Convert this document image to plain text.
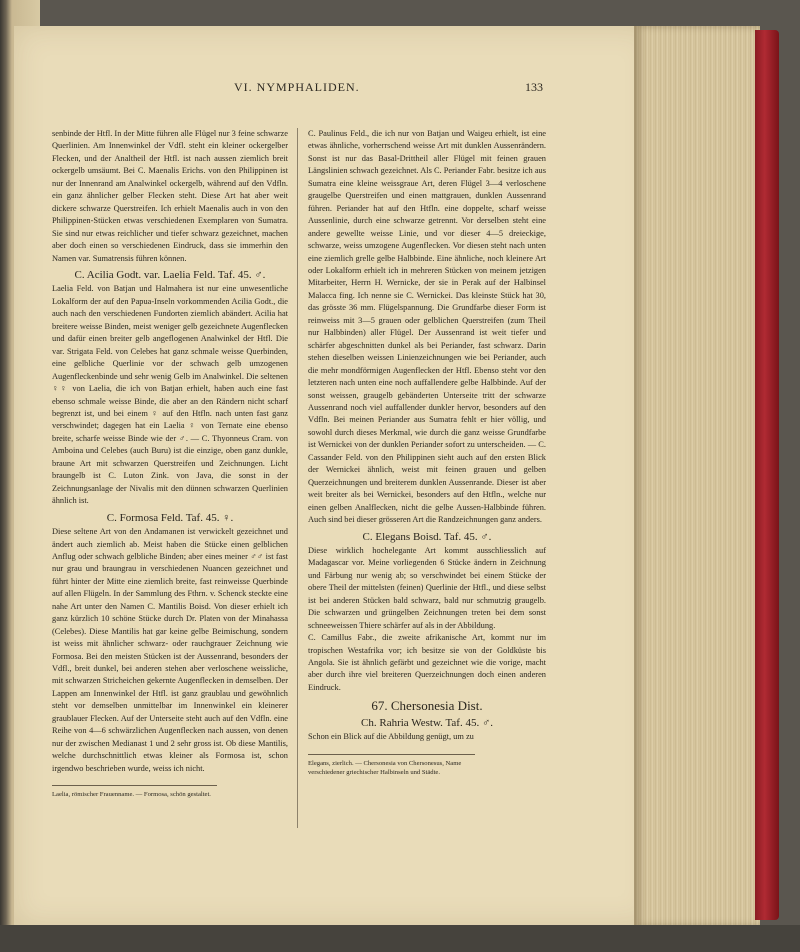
VI. NYMPHALIDEN.	133

senbinde der Htfl. In der Mitte führen alle Flügel nur 3 feine schwarze Querlinien. Am Innenwinkel der Vdfl. steht ein kleiner ockergelber Flecken, und der Analtheil der Htfl. ist nach aussen ziemlich breit ockergelb umsäumt. Bei C. Maenalis Erichs. von den Philippinen ist nur der Innenrand am Analwinkel ockergelb, während auf den Vdfln. ein ganz ähnlicher gelber Flecken steht. Diese Art hat aber weit dickere schwarze Querstreifen. Ich erhielt Maenalis auch in von den Philippinen-Stücken etwas verschiedenen Exemplaren von Sumatra. Sie sind nur etwas reichlicher und tiefer schwarz gezeichnet, machen aber doch einen so verschiedenen Eindruck, dass sie immerhin den Namen var. Sumatrensis führen können.

C. Acilia Godt. var. Laelia Feld. Taf. 45. ♂.

Laelia Feld. von Batjan und Halmahera ist nur eine unwesentliche Lokalform der auf den Papua-Inseln vorkommenden Acilia Godt., die auch nach den verschiedenen Fundorten ziemlich abändert. Acilia hat breitere weisse Binden, meist weniger gelb gezeichnete Augenflecken und dafür einen breiter gelb angeflogenen Analwinkel der Htfl. Die var. Strigata Feld. von Celebes hat ganz schmale weisse Querbinden, eine gelbliche Querlinie vor der schwach gelb umzogenen Augenfleckenbinde und sehr wenig Gelb im Analwinkel. Die seltenen ♀♀ von Laelia, die ich von Batjan erhielt, haben auch eine fast ebenso schmale weisse Binde, die aber an den Rändern nicht scharf begrenzt ist, und bei einem ♀ auf den Htfln. nach unten fast ganz verschwindet; dagegen hat ein Laelia ♀ von Ternate eine ebenso breite, scharfe weisse Binde wie der ♂. — C. Thyonneus Cram. von Amboina und Celebes (auch Buru) ist die einzige, oben ganz dunkle, braune Art mit schwarzen Querstreifen und Zeichnungen. Licht braungelb ist C. Luton Zink. von Java, die sonst in der Zeichnungsanlage der Nivalis mit den dünnen schwarzen Querlinien ähnlich ist.

C. Formosa Feld. Taf. 45. ♀.

Diese seltene Art von den Andamanen ist verwickelt gezeichnet und ändert auch ziemlich ab. Meist haben die Stücke einen gelblichen Anflug oder schwach gelbliche Binden; aber eines meiner ♂♂ ist fast nur grau und braungrau in verschiedenen Nuancen gezeichnet und führt hinter der Mitte eine ziemlich breite, fast reinweisse Querbinde auf allen Flügeln. In der Sammlung des Fthrn. v. Schenck steckte eine nahe Art unter den Namen C. Mantilis Boisd. Von dieser erhielt ich ganz kürzlich 10 schöne Stücke durch Dr. Platen von der Minahassa (Celebes). Diese Mantilis hat gar keine gelbe Beimischung, sondern ist weiss mit ähnlicher schwarz- oder rauchgrauer Zeichnung wie Formosa. Bei den meisten Stücken ist der Aussenrand, besonders der Vdfl., breit dunkel, bei anderen stehen aber verloschene weissliche, mit schwarzen Stricheichen gekernte Augenflecken in demselben. Der Lappen am Innenwinkel der Htfl. ist ganz graublau und gewöhnlich steht vor demselben unmittelbar im Innenwinkel ein kleinerer graublauer Flecken. Auf der Unterseite steht auch auf den Vdfln. eine Reihe von 4—6 schwärzlichen Augenflecken nach aussen, von denen nur der zwischen Medianast 1 und 2 sehr gross ist. Ob diese Mantilis, welche durchschnittlich etwas kleiner als Formosa ist, schon irgendwo beschrieben wurde, weiss ich nicht.

Laelia, römischer Frauenname. — Formosa, schön gestaltet.

C. Paulinus Feld., die ich nur von Batjan und Waigeu erhielt, ist eine etwas ähnliche, vorherrschend weisse Art mit dunklen Aussenrändern. Sonst ist nur das Basal-Drittheil aller Flügel mit feinen grauen Längslinien schwach gezeichnet. Als C. Periander Fabr. besitze ich aus Sumatra eine kleine weissgraue Art, deren Flügel 3—4 verloschene graugelbe Querstreifen und einen mattgrauen, dunklen Aussenrand führen. Periander hat auf den Htfln. eine doppelte, scharf weisse Aussenlinie, durch eine schwarze getrennt. Vor derselben steht eine andere gewellte weisse Linie, und vor dieser 4—5 dreieckige, schwarze, weiss umzogene Augenflecken. Vor diesen steht nach unten eine ziemlich grelle gelbe Halbbinde. Eine ähnliche, noch kleinere Art oder Lokalform erhielt ich in mehreren Stücken von meinem jetzigen Mitarbeiter, Herrn H. Wernicke, der sie in Perak auf der Halbinsel Malacca fing. Ich nenne sie C. Wernickei. Das kleinste Stück hat 30, das grösste 36 mm. Flügelspannung. Die Grundfarbe dieser Form ist reinweiss mit 3—5 grauen oder gelblichen Querstreifen (zum Theil nur Halbbinden) aller Flügel. Der Aussenrand ist weit tiefer und schärfer abgeschnitten dunkel als bei Periander, fast schwarz. Darin stehen dieselben weissen Linienzeichnungen wie bei Periander, auch die mehr mondförmigen Augenflecken der Htfl. Ebenso steht vor den letzteren nach unten eine noch auffallendere gelbe Halbbinde. Auf der sonst weissen, graugelb gebänderten Unterseite tritt der schwarze Aussenrand noch viel auffallender dunkler hervor, besonders auf den Vdfln. Bei meinen Periander aus Sumatra fehlt er hier völlig, und sowohl durch dieses Merkmal, wie durch die ganz weisse Grundfarbe ist Wernickei von der dunklen Periander sofort zu unterscheiden. — C. Cassander Feld. von den Philippinen sieht auch auf den ersten Blick der Wernickei ähnlich, weist mit feinen grauen und gelben Querzeichnungen und breiterem dunklen Aussenrande. Dieser ist aber weit breiter als bei Wernickei, besonders auf den Htfln., welche nur einen gelben Analflecken, nicht die gelbe Aussen-Halbbinde führen. Auch sind bei dieser grösseren Art die Randzeichnungen ganz anders.

C. Elegans Boisd. Taf. 45. ♂.

Diese wirklich hochelegante Art kommt ausschliesslich auf Madagascar vor. Meine vorliegenden 6 Stücke ändern in Zeichnung und Färbung nur wenig ab; so verschwindet bei einem Stücke der obere Theil der mittelsten (feinen) Querlinie der Htfl., und diese selbst ist bei anderen Stücken bald schwarz, bald nur schmutzig graugelb. Die schwarzen und grüngelben Zeichnungen treten bei dem sonst schneeweissen Thiere schärfer auf als in der Abbildung.

C. Camillus Fabr., die zweite afrikanische Art, kommt nur im tropischen Westafrika vor; ich besitze sie von der Goldküste bis Angola. Sie ist ähnlich gefärbt und gezeichnet wie die vorige, macht aber durch ihre viel breiteren Querzeichnungen doch einen anderen Eindruck.

67. Chersonesia Dist.
Ch. Rahria Westw. Taf. 45. ♂.

Schon ein Blick auf die Abbildung genügt, um zu

Elegans, zierlich. — Chersonesia von Chersonesus, Name verschiedener griechischer Halbinseln und Städte.
